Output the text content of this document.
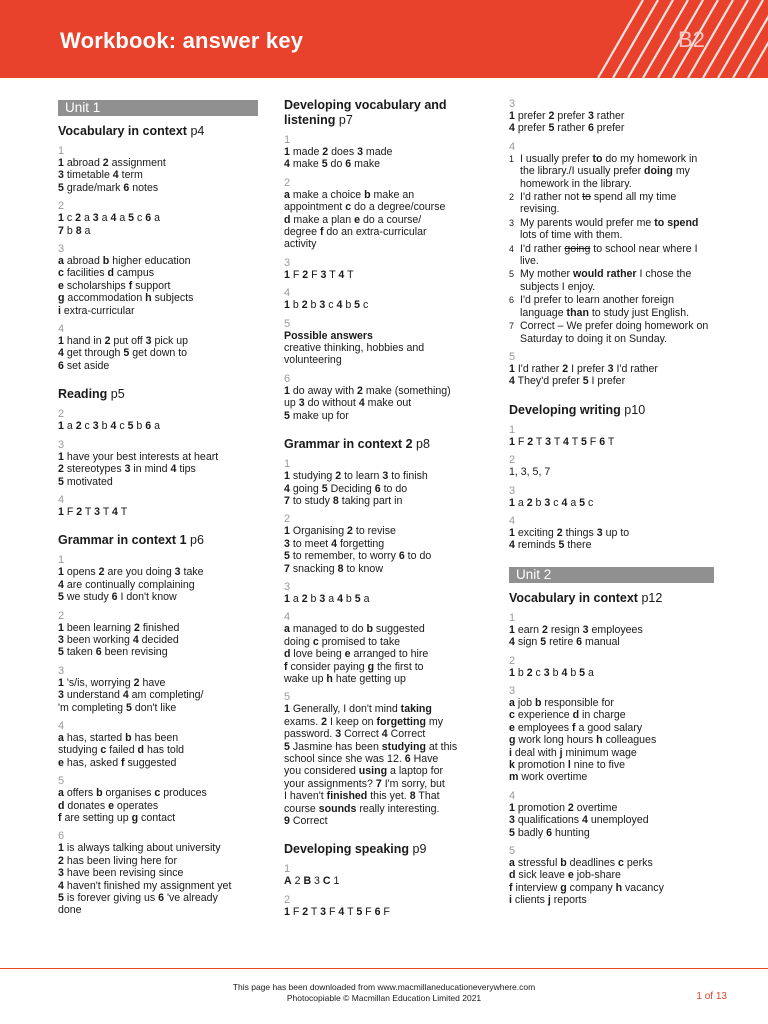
Workbook: answer key	B2
Unit 1
Vocabulary in context p4
1
1 abroad 2 assignment
3 timetable 4 term
5 grade/mark 6 notes
2
1 c 2 a 3 a 4 a 5 c 6 a
7 b 8 a
3
a abroad b higher education
c facilities d campus
e scholarships f support
g accommodation h subjects
i extra-curricular
4
1 hand in 2 put off 3 pick up
4 get through 5 get down to
6 set aside
Reading p5
2
1 a 2 c 3 b 4 c 5 b 6 a
3
1 have your best interests at heart
2 stereotypes 3 in mind 4 tips
5 motivated
4
1 F 2 T 3 T 4 T
Grammar in context 1 p6
1
1 opens 2 are you doing 3 take
4 are continually complaining
5 we study 6 I don't know
2
1 been learning 2 finished
3 been working 4 decided
5 taken 6 been revising
3
1 's/is, worrying 2 have
3 understand 4 am completing/
'm completing 5 don't like
4
a has, started b has been
studying c failed d has told
e has, asked f suggested
5
a offers b organises c produces
d donates e operates
f are setting up g contact
6
1 is always talking about university
2 has been living here for
3 have been revising since
4 haven't finished my assignment yet
5 is forever giving us 6 've already
done
Developing vocabulary and listening p7
1
1 made 2 does 3 made
4 make 5 do 6 make
2
a make a choice b make an
appointment c do a degree/course
d make a plan e do a course/
degree f do an extra-curricular
activity
3
1 F 2 F 3 T 4 T
4
1 b 2 b 3 c 4 b 5 c
5
Possible answers
creative thinking, hobbies and
volunteering
6
1 do away with 2 make (something)
up 3 do without 4 make out
5 make up for
Grammar in context 2 p8
1
1 studying 2 to learn 3 to finish
4 going 5 Deciding 6 to do
7 to study 8 taking part in
2
1 Organising 2 to revise
3 to meet 4 forgetting
5 to remember, to worry 6 to do
7 snacking 8 to know
3
1 a 2 b 3 a 4 b 5 a
4
a managed to do b suggested
doing c promised to take
d love being e arranged to hire
f consider paying g the first to
wake up h hate getting up
5
1 Generally, I don't mind taking
exams. 2 I keep on forgetting my
password. 3 Correct 4 Correct
5 Jasmine has been studying at this
school since she was 12. 6 Have
you considered using a laptop for
your assignments? 7 I'm sorry, but
I haven't finished this yet. 8 That
course sounds really interesting.
9 Correct
Developing speaking p9
1
A 2 B 3 C 1
2
1 F 2 T 3 F 4 T 5 F 6 F
3
1 prefer 2 prefer 3 rather
4 prefer 5 rather 6 prefer
4
1 I usually prefer to do my homework in the library./I usually prefer doing my homework in the library.
2 I'd rather not to spend all my time revising.
3 My parents would prefer me to spend lots of time with them.
4 I'd rather going to school near where I live.
5 My mother would rather I chose the subjects I enjoy.
6 I'd prefer to learn another foreign language than to study just English.
7 Correct – We prefer doing homework on Saturday to doing it on Sunday.
5
1 I'd rather 2 I prefer 3 I'd rather
4 They'd prefer 5 I prefer
Developing writing p10
1
1 F 2 T 3 T 4 T 5 F 6 T
2
1, 3, 5, 7
3
1 a 2 b 3 c 4 a 5 c
4
1 exciting 2 things 3 up to
4 reminds 5 there
Unit 2
Vocabulary in context p12
1
1 earn 2 resign 3 employees
4 sign 5 retire 6 manual
2
1 b 2 c 3 b 4 b 5 a
3
a job b responsible for
c experience d in charge
e employees f a good salary
g work long hours h colleagues
i deal with j minimum wage
k promotion l nine to five
m work overtime
4
1 promotion 2 overtime
3 qualifications 4 unemployed
5 badly 6 hunting
5
a stressful b deadlines c perks
d sick leave e job-share
f interview g company h vacancy
i clients j reports
This page has been downloaded from www.macmillaneducationeverywhere.com
Photocopiable © Macmillan Education Limited 2021	1 of 13
